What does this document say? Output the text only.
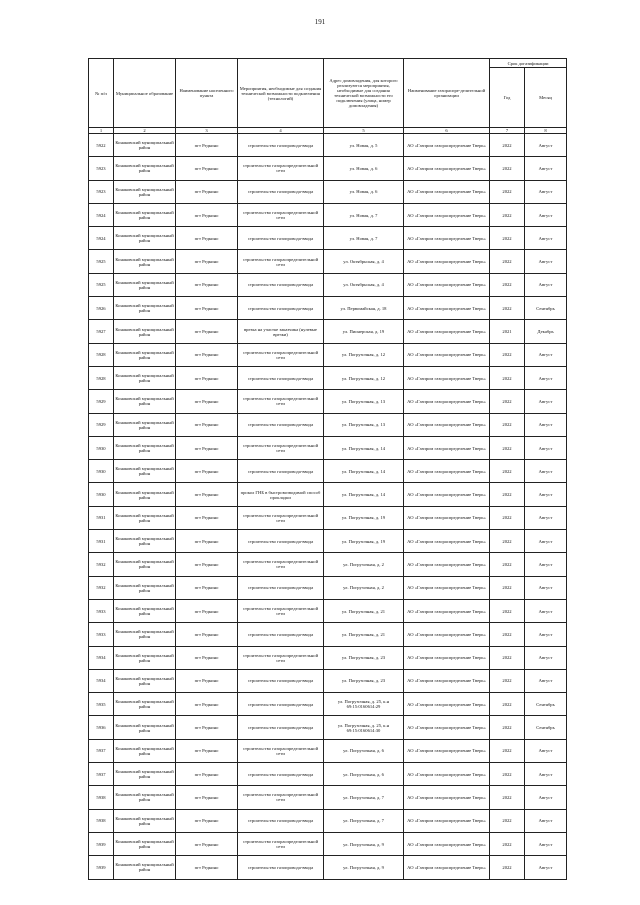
191
№ п/п	Муниципальное образование	Наименование населенного пункта	Мероприятия, необходимые для создания технической возможности подключения (технологий)	Адрес домовладения, для которого реализуются мероприятия, необходимые для создания технической возможности его подключения (улица, номер домовладения)	Наименование газораспре-делительной организации	Срок догазификации	
						Год	Месяц
1	2	3	4	5	6	7	8
5922	Конаковский муниципальный район	пгт Редкино	строительство газопровода-ввода	ул. Новая, д. 5	АО «Газпром газораспределение Тверь»	2022	Август
5923	Конаковский муниципальный район	пгт Редкино	строительство газораспределительной сети	ул. Новая, д. 6	АО «Газпром газораспределение Тверь»	2022	Август
5923	Конаковский муниципальный район	пгт Редкино	строительство газопровода-ввода	ул. Новая, д. 6	АО «Газпром газораспределение Тверь»	2022	Август
5924	Конаковский муниципальный район	пгт Редкино	строительство газораспределительной сети	ул. Новая, д. 7	АО «Газпром газораспределение Тверь»	2022	Август
5924	Конаковский муниципальный район	пгт Редкино	строительство газопровода-ввода	ул. Новая, д. 7	АО «Газпром газораспределение Тверь»	2022	Август
5925	Конаковский муниципальный район	пгт Редкино	строительство газораспределительной сети	ул. Октябрьская, д. 4	АО «Газпром газораспределение Тверь»	2022	Август
5925	Конаковский муниципальный район	пгт Редкино	строительство газопровода-ввода	ул. Октябрьская, д. 4	АО «Газпром газораспределение Тверь»	2022	Август
5926	Конаковский муниципальный район	пгт Редкино	строительство газопровода-ввода	ул. Первомайская, д. 18	АО «Газпром газораспределение Тверь»	2022	Сентябрь
5927	Конаковский муниципальный район	пгт Редкино	врезка на участке заказчика (нулевые врезки)	ул. Пионерская, д. 19	АО «Газпром газораспределение Тверь»	2021	Декабрь
5928	Конаковский муниципальный район	пгт Редкино	строительство газораспределительной сети	ул. Погрузочная, д. 12	АО «Газпром газораспределение Тверь»	2022	Август
5928	Конаковский муниципальный район	пгт Редкино	строительство газопровода-ввода	ул. Погрузочная, д. 12	АО «Газпром газораспределение Тверь»	2022	Август
5929	Конаковский муниципальный район	пгт Редкино	строительство газораспределительной сети	ул. Погрузочная, д. 13	АО «Газпром газораспределение Тверь»	2022	Август
5929	Конаковский муниципальный район	пгт Редкино	строительство газопровода-ввода	ул. Погрузочная, д. 13	АО «Газпром газораспределение Тверь»	2022	Август
5930	Конаковский муниципальный район	пгт Редкино	строительство газораспределительной сети	ул. Погрузочная, д. 14	АО «Газпром газораспределение Тверь»	2022	Август
5930	Конаковский муниципальный район	пгт Редкино	строительство газопровода-ввода	ул. Погрузочная, д. 14	АО «Газпром газораспределение Тверь»	2022	Август
5930	Конаковский муниципальный район	пгт Редкино	прокол ГНБ в быстровозводимой способ прокладки	ул. Погрузочная, д. 14	АО «Газпром газораспределение Тверь»	2022	Август
5931	Конаковский муниципальный район	пгт Редкино	строительство газораспределительной сети	ул. Погрузочная, д. 19	АО «Газпром газораспределение Тверь»	2022	Август
5931	Конаковский муниципальный район	пгт Редкино	строительство газопровода-ввода	ул. Погрузочная, д. 19	АО «Газпром газораспределение Тверь»	2022	Август
5932	Конаковский муниципальный район	пгт Редкино	строительство газораспределительной сети	ул. Погрузочная, д. 2	АО «Газпром газораспределение Тверь»	2022	Август
5932	Конаковский муниципальный район	пгт Редкино	строительство газопровода-ввода	ул. Погрузочная, д. 2	АО «Газпром газораспределение Тверь»	2022	Август
5933	Конаковский муниципальный район	пгт Редкино	строительство газораспределительной сети	ул. Погрузочная, д. 21	АО «Газпром газораспределение Тверь»	2022	Август
5933	Конаковский муниципальный район	пгт Редкино	строительство газопровода-ввода	ул. Погрузочная, д. 21	АО «Газпром газораспределение Тверь»	2022	Август
5934	Конаковский муниципальный район	пгт Редкино	строительство газораспределительной сети	ул. Погрузочная, д. 23	АО «Газпром газораспределение Тверь»	2022	Август
5934	Конаковский муниципальный район	пгт Редкино	строительство газопровода-ввода	ул. Погрузочная, д. 23	АО «Газпром газораспределение Тверь»	2022	Август
5935	Конаковский муниципальный район	пгт Редкино	строительство газопровода-ввода	ул. Погрузочная, д. 25, к.н 69:15:0160614:29	АО «Газпром газораспределение Тверь»	2022	Сентябрь
5936	Конаковский муниципальный район	пгт Редкино	строительство газопровода-ввода	ул. Погрузочная, д. 25, к.н 69:15:0160614:30	АО «Газпром газораспределение Тверь»	2022	Сентябрь
5937	Конаковский муниципальный район	пгт Редкино	строительство газораспределительной сети	ул. Погрузочная, д. 6	АО «Газпром газораспределение Тверь»	2022	Август
5937	Конаковский муниципальный район	пгт Редкино	строительство газопровода-ввода	ул. Погрузочная, д. 6	АО «Газпром газораспределение Тверь»	2022	Август
5938	Конаковский муниципальный район	пгт Редкино	строительство газораспределительной сети	ул. Погрузочная, д. 7	АО «Газпром газораспределение Тверь»	2022	Август
5938	Конаковский муниципальный район	пгт Редкино	строительство газопровода-ввода	ул. Погрузочная, д. 7	АО «Газпром газораспределение Тверь»	2022	Август
5939	Конаковский муниципальный район	пгт Редкино	строительство газораспределительной сети	ул. Погрузочная, д. 9	АО «Газпром газораспределение Тверь»	2022	Август
5939	Конаковский муниципальный район	пгт Редкино	строительство газопровода-ввода	ул. Погрузочная, д. 9	АО «Газпром газораспределение Тверь»	2022	Август
